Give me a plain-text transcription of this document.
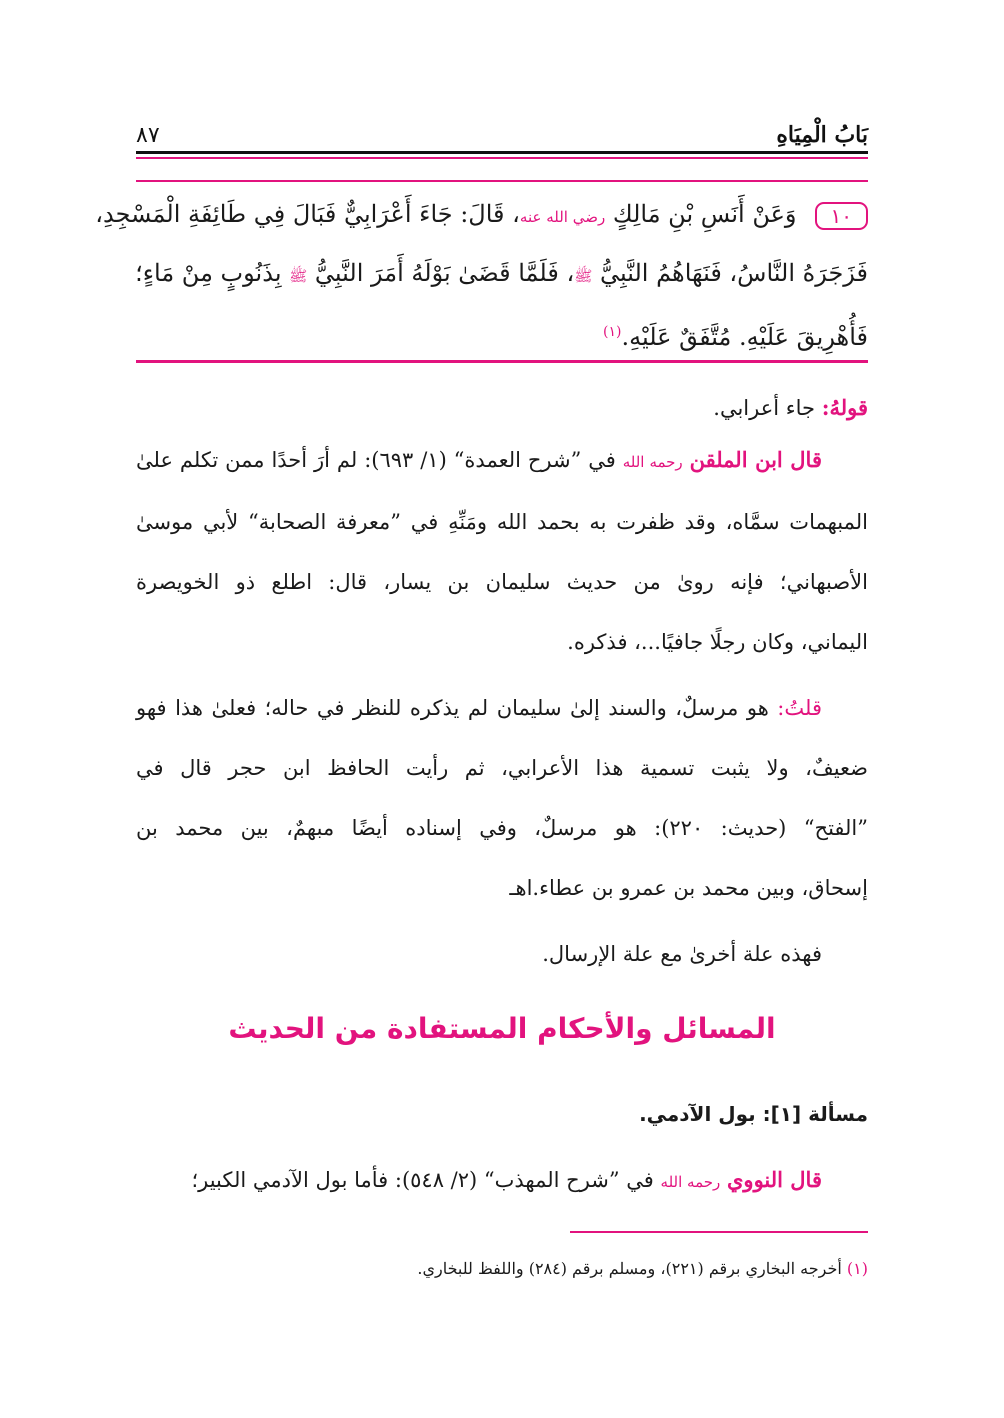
بَابُ الْمِيَاهِ
٨٧
١٠وَعَنْ أَنَسِ بْنِ مَالِكٍ رضي الله عنه، قَالَ: جَاءَ أَعْرَابِيٌّ فَبَالَ فِي طَائِفَةِ الْمَسْجِدِ،
فَزَجَرَهُ النَّاسُ، فَنَهَاهُمُ النَّبِيُّ ﷺ، فَلَمَّا قَضَىٰ بَوْلَهُ أَمَرَ النَّبِيُّ ﷺ بِذَنُوبٍ مِنْ مَاءٍ؛
فَأُهْرِيقَ عَلَيْهِ. مُتَّفَقٌ عَلَيْهِ.$^{(١)}$
قولهُ: جاء أعرابي.
قال ابن الملقن رحمه الله في ”شرح العمدة“ (١/ ٦٩٣): لم أرَ أحدًا ممن تكلم علىٰ
المبهمات سمَّاه، وقد ظفرت به بحمد الله ومَنِّهِ في ”معرفة الصحابة“ لأبي موسىٰ
الأصبهاني؛ فإنه روىٰ من حديث سليمان بن يسار، قال: اطلع ذو الخويصرة
اليماني، وكان رجلًا جافيًا...، فذكره.
قلتُ: هو مرسلٌ، والسند إلىٰ سليمان لم يذكره للنظر في حاله؛ فعلىٰ هذا فهو
ضعيفٌ، ولا يثبت تسمية هذا الأعرابي، ثم رأيت الحافظ ابن حجر قال في
”الفتح“ (حديث: ٢٢٠): هو مرسلٌ، وفي إسناده أيضًا مبهمٌ، بين محمد بن
إسحاق، وبين محمد بن عمرو بن عطاء.اهـ
فهذه علة أخرىٰ مع علة الإرسال.
المسائل والأحكام المستفادة من الحديث
مسألة [١]: بول الآدمي.
قال النووي رحمه الله في ”شرح المهذب“ (٢/ ٥٤٨): فأما بول الآدمي الكبير؛
(١) أخرجه البخاري برقم (٢٢١)، ومسلم برقم (٢٨٤) واللفظ للبخاري.
